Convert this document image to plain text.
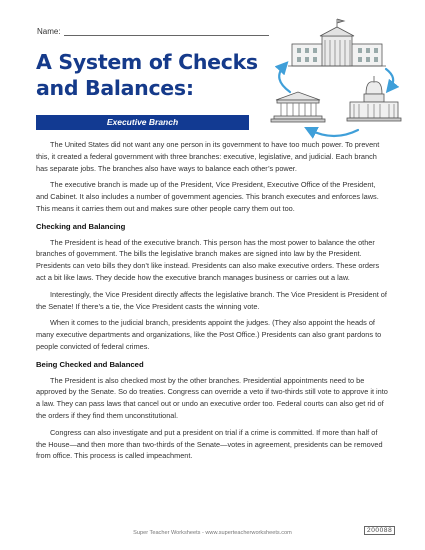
Name:
A System of Checks
and Balances:
Executive Branch

The United States did not want any one person in its government to have too much power. To prevent this, it created a federal government with three branches: executive, legislative, and judicial. Each branch has separate jobs. The branches also have ways to balance each other’s power.

The executive branch is made up of the President, Vice President, Executive Office of the President, and Cabinet. It also includes a number of government agencies. This branch executes and enforces laws. This means it carries them out and makes sure other people carry them out too.

Checking and Balancing

The President is head of the executive branch. This person has the most power to balance the other branches of government. The bills the legislative branch makes are signed into law by the President. Presidents can veto bills they don’t like instead. Presidents can also make executive orders. These orders act a bit like laws. They decide how the executive branch manages business or carries out a law.

Interestingly, the Vice President directly affects the legislative branch. The Vice President is President of the Senate! If there’s a tie, the Vice President casts the winning vote.

When it comes to the judicial branch, presidents appoint the judges. (They also appoint the heads of many executive departments and organizations, like the Post Office.) Presidents can also grant pardons to people convicted of federal crimes.

Being Checked and Balanced

The President is also checked most by the other branches. Presidential appointments need to be approved by the Senate. So do treaties. Congress can override a veto if two-thirds still vote to approve it into a law. They can pass laws that cancel out or undo an executive order too. Federal courts can also get rid of the orders if they find them unconstitutional.

Congress can also investigate and put a president on trial if a crime is committed. If more than half of the House—and then more than two-thirds of the Senate—votes in agreement, presidents can be removed from office. This process is called impeachment.

Super Teacher Worksheets - www.superteacherworksheets.com	200088
